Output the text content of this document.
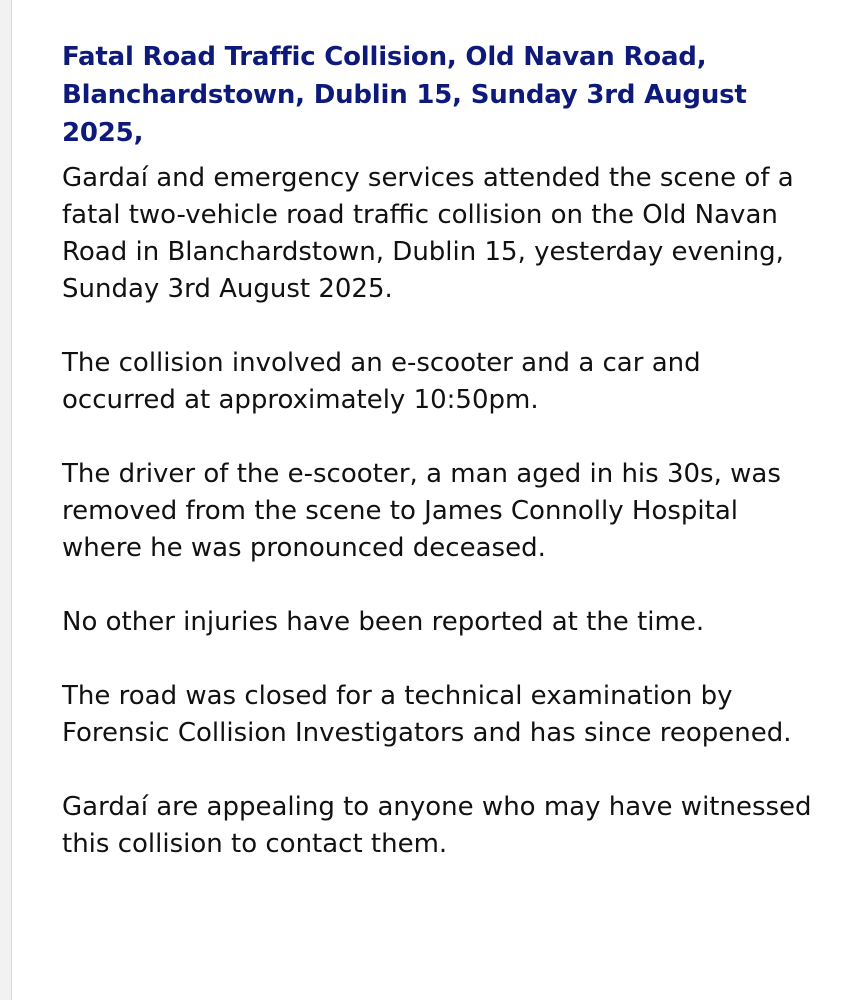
Fatal Road Traffic Collision, Old Navan Road, Blanchardstown, Dublin 15, Sunday 3rd August 2025,

Gardaí and emergency services attended the scene of a fatal two-vehicle road traffic collision on the Old Navan Road in Blanchardstown, Dublin 15, yesterday evening, Sunday 3rd August 2025.

The collision involved an e-scooter and a car and occurred at approximately 10:50pm.

The driver of the e-scooter, a man aged in his 30s, was removed from the scene to James Connolly Hospital where he was pronounced deceased.

No other injuries have been reported at the time.

The road was closed for a technical examination by Forensic Collision Investigators and has since reopened.

Gardaí are appealing to anyone who may have witnessed this collision to contact them.
